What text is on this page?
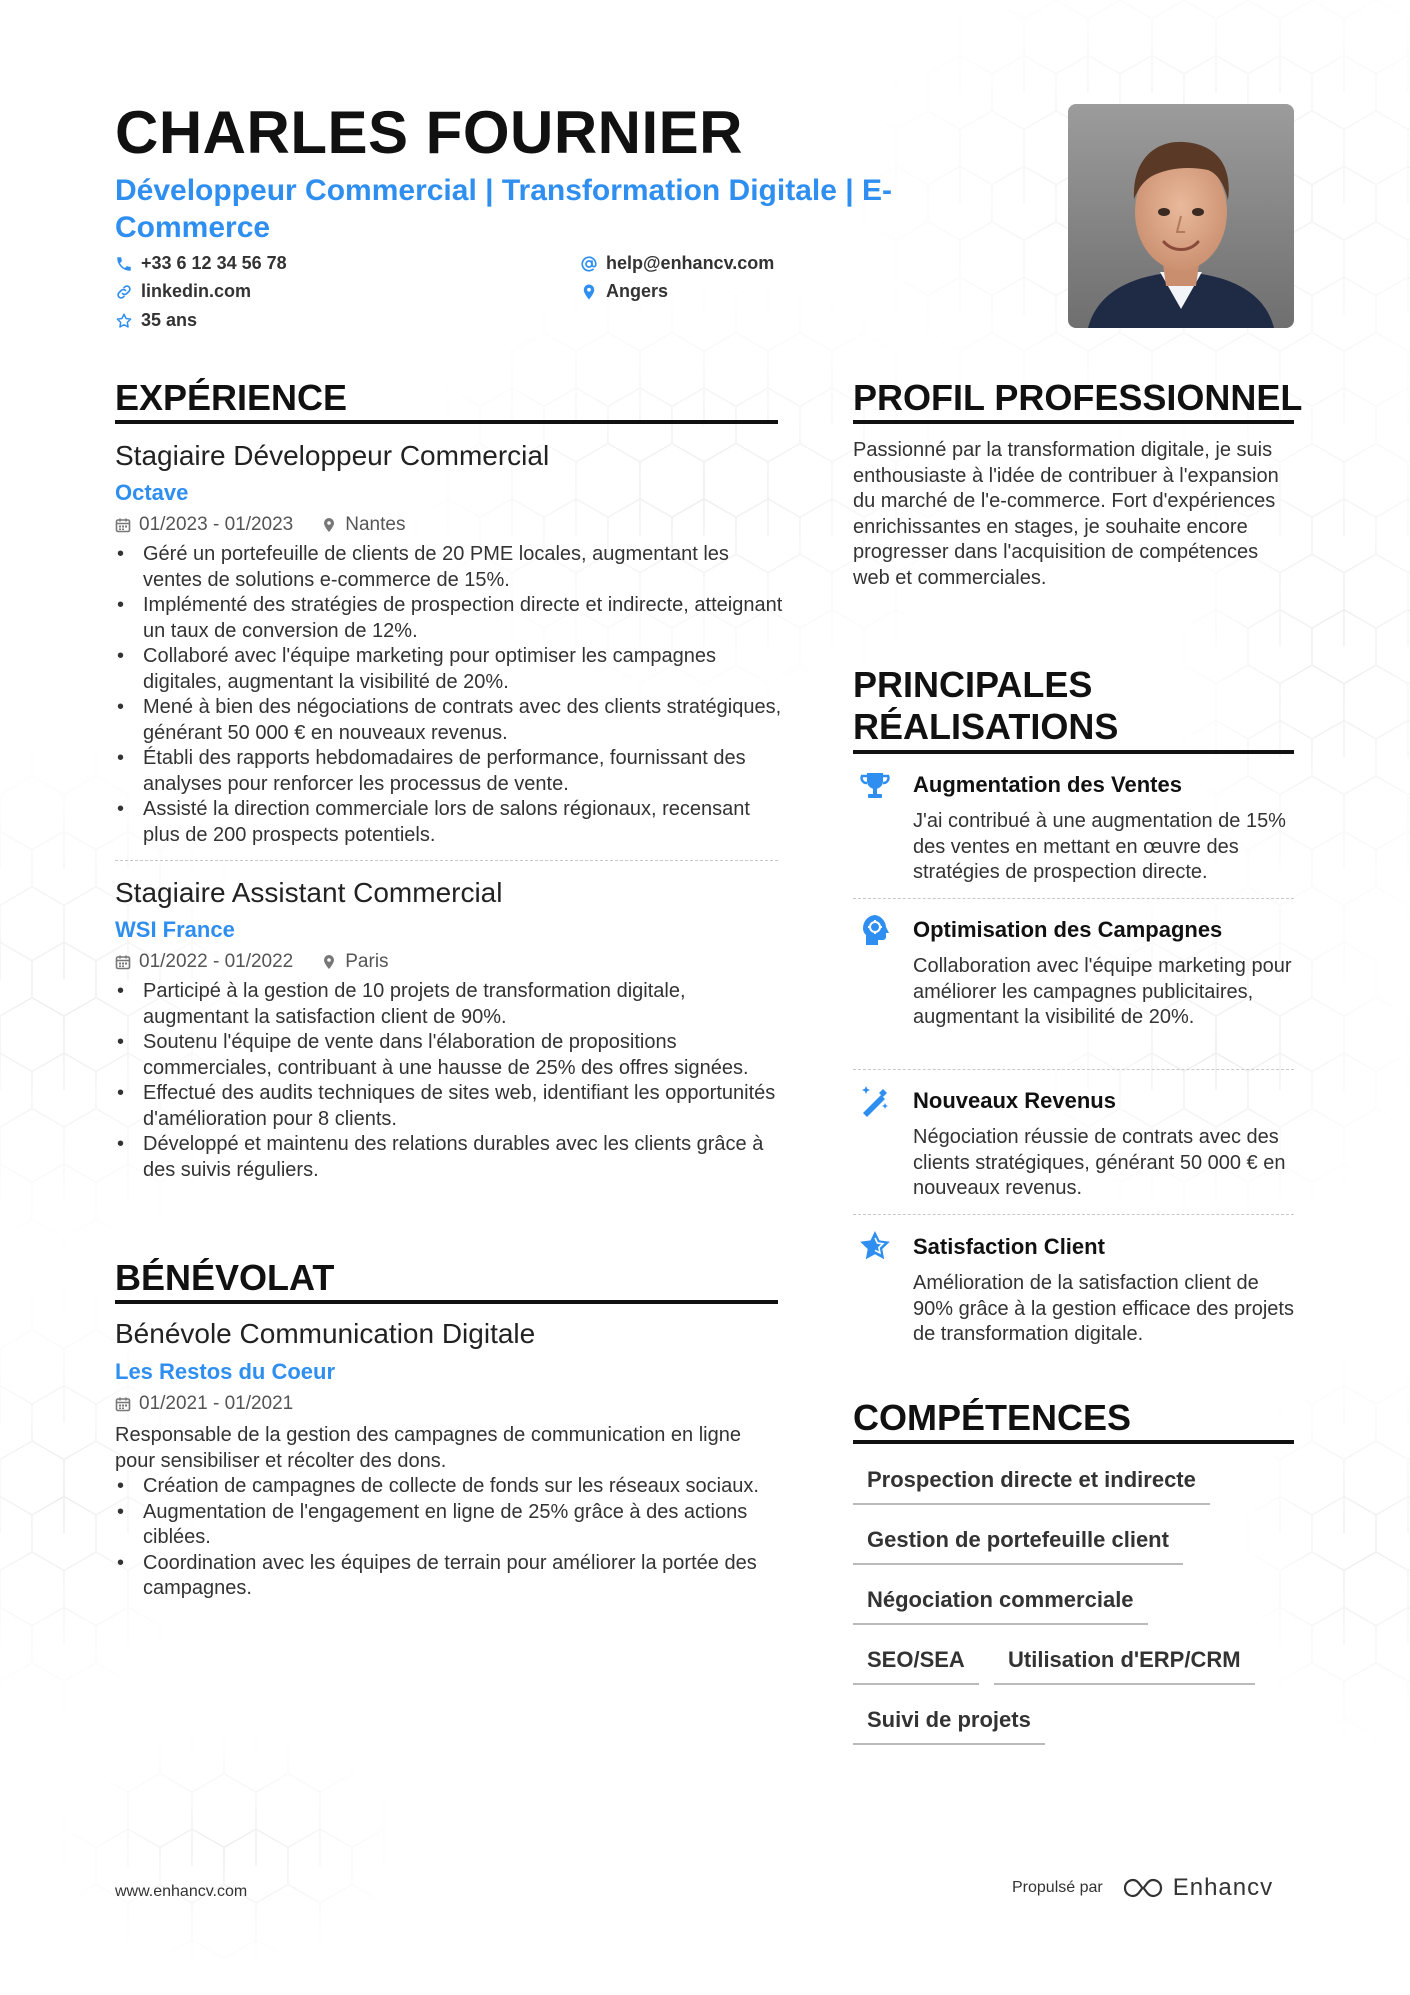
CHARLES FOURNIER
Développeur Commercial | Transformation Digitale | E-Commerce
+33 6 12 34 56 78	help@enhancv.com
linkedin.com	Angers
35 ans
EXPÉRIENCE
Stagiaire Développeur Commercial
Octave
01/2023 - 01/2023	Nantes
• Géré un portefeuille de clients de 20 PME locales, augmentant les ventes de solutions e-commerce de 15%.
• Implémenté des stratégies de prospection directe et indirecte, atteignant un taux de conversion de 12%.
• Collaboré avec l'équipe marketing pour optimiser les campagnes digitales, augmentant la visibilité de 20%.
• Mené à bien des négociations de contrats avec des clients stratégiques, générant 50 000 € en nouveaux revenus.
• Établi des rapports hebdomadaires de performance, fournissant des analyses pour renforcer les processus de vente.
• Assisté la direction commerciale lors de salons régionaux, recensant plus de 200 prospects potentiels.
Stagiaire Assistant Commercial
WSI France
01/2022 - 01/2022	Paris
• Participé à la gestion de 10 projets de transformation digitale, augmentant la satisfaction client de 90%.
• Soutenu l'équipe de vente dans l'élaboration de propositions commerciales, contribuant à une hausse de 25% des offres signées.
• Effectué des audits techniques de sites web, identifiant les opportunités d'amélioration pour 8 clients.
• Développé et maintenu des relations durables avec les clients grâce à des suivis réguliers.
BÉNÉVOLAT
Bénévole Communication Digitale
Les Restos du Coeur
01/2021 - 01/2021

Responsable de la gestion des campagnes de communication en ligne pour sensibiliser et récolter des dons.

• Création de campagnes de collecte de fonds sur les réseaux sociaux.
• Augmentation de l'engagement en ligne de 25% grâce à des actions ciblées.
• Coordination avec les équipes de terrain pour améliorer la portée des campagnes.
PROFIL PROFESSIONNEL

Passionné par la transformation digitale, je suis enthousiaste à l'idée de contribuer à l'expansion du marché de l'e-commerce. Fort d'expériences enrichissantes en stages, je souhaite encore progresser dans l'acquisition de compétences web et commerciales.

PRINCIPALES
RÉALISATIONS
Augmentation des Ventes

J'ai contribué à une augmentation de 15% des ventes en mettant en œuvre des stratégies de prospection directe.

Optimisation des Campagnes

Collaboration avec l'équipe marketing pour améliorer les campagnes publicitaires, augmentant la visibilité de 20%.

Nouveaux Revenus

Négociation réussie de contrats avec des clients stratégiques, générant 50 000 € en nouveaux revenus.

Satisfaction Client

Amélioration de la satisfaction client de 90% grâce à la gestion efficace des projets de transformation digitale.

COMPÉTENCES
Prospection directe et indirecte
Gestion de portefeuille client
Négociation commerciale
SEO/SEA	Utilisation d'ERP/CRM
Suivi de projets
www.enhancv.com	Propulsé par	Enhancv
